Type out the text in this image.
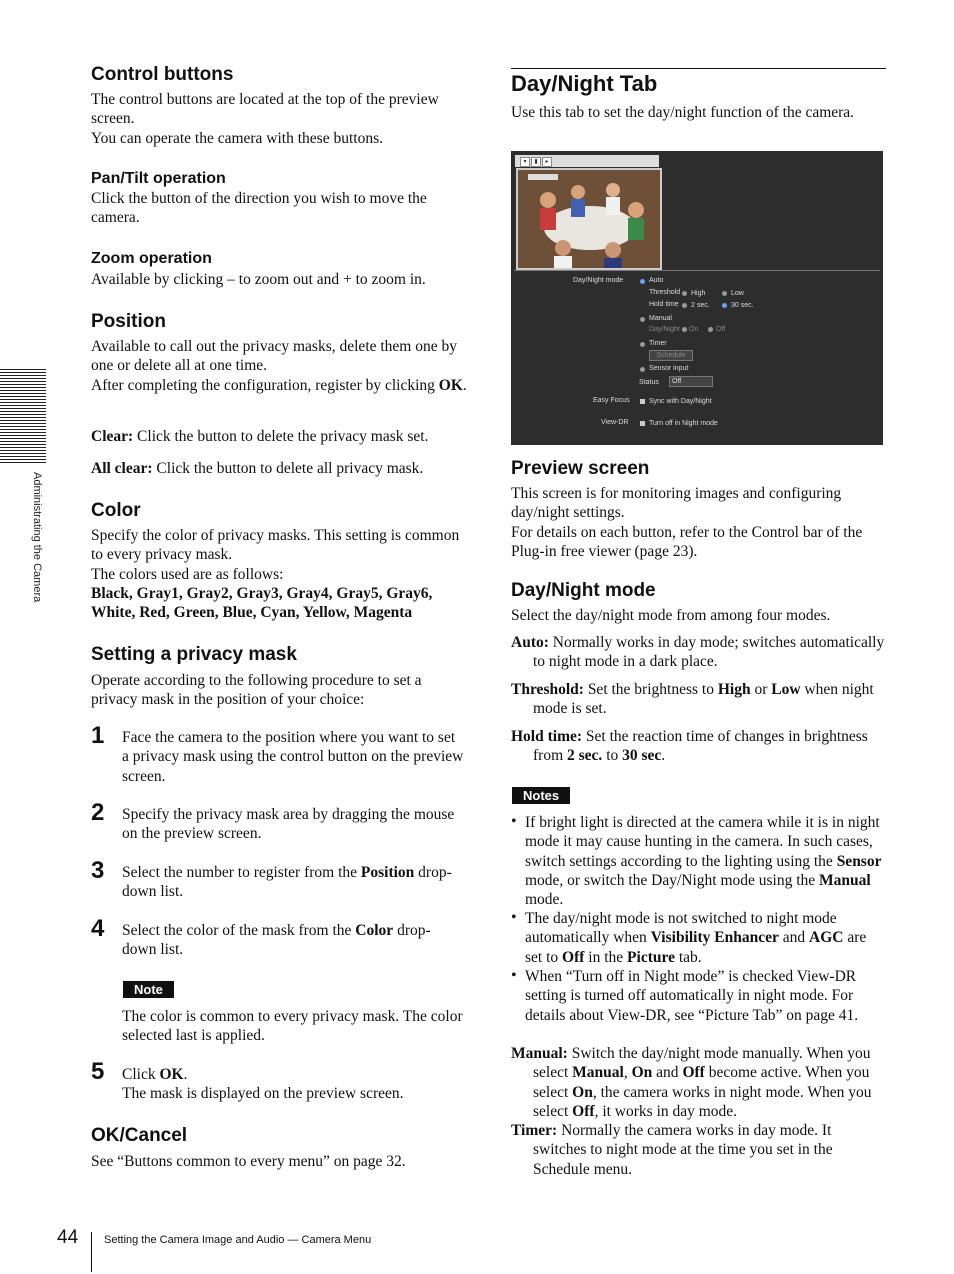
Administrating the Camera
Control buttons

The control buttons are located at the top of the preview screen.
You can operate the camera with these buttons.

Pan/Tilt operation

Click the button of the direction you wish to move the camera.

Zoom operation

Available by clicking – to zoom out and + to zoom in.

Position

Available to call out the privacy masks, delete them one by one or delete all at one time.
After completing the configuration, register by clicking OK.

Clear: Click the button to delete the privacy mask set.

All clear: Click the button to delete all privacy mask.

Color

Specify the color of privacy masks. This setting is common to every privacy mask.
The colors used are as follows:
Black, Gray1, Gray2, Gray3, Gray4, Gray5, Gray6, White, Red, Green, Blue, Cyan, Yellow, Magenta

Setting a privacy mask

Operate according to the following procedure to set a privacy mask in the position of your choice:

1 Face the camera to the position where you want to set a privacy mask using the control button on the preview screen.

2 Specify the privacy mask area by dragging the mouse on the preview screen.

3 Select the number to register from the Position drop-down list.

4 Select the color of the mask from the Color drop-down list.

Note

The color is common to every privacy mask. The color selected last is applied.

5 Click OK.
The mask is displayed on the preview screen.

OK/Cancel

See “Buttons common to every menu” on page 32.

Day/Night Tab

Use this tab to set the day/night function of the camera.

▾	▮	▸
Day/Night mode	Auto
Threshold High	Low
Hold time 2 sec.	30 sec.
Manual
Day/Night On	Off
Timer
Schedule
Sensor input
Status	Off
Easy Focus	Sync with Day/Night
View-DR	Turn off in Night mode
Preview screen

This screen is for monitoring images and configuring day/night settings.
For details on each button, refer to the Control bar of the Plug-in free viewer (page 23).

Day/Night mode

Select the day/night mode from among four modes.

Auto: Normally works in day mode; switches automatically to night mode in a dark place.

Threshold: Set the brightness to High or Low when night mode is set.

Hold time: Set the reaction time of changes in brightness from 2 sec. to 30 sec.

Notes
• If bright light is directed at the camera while it is in night mode it may cause hunting in the camera. In such cases, switch settings according to the lighting using the Sensor mode, or switch the Day/Night mode using the Manual mode.

• The day/night mode is not switched to night mode automatically when Visibility Enhancer and AGC are set to Off in the Picture tab.

• When “Turn off in Night mode” is checked View-DR setting is turned off automatically in night mode. For details about View-DR, see “Picture Tab” on page 41.

Manual: Switch the day/night mode manually. When you select Manual, On and Off become active. When you select On, the camera works in night mode. When you select Off, it works in day mode.

Timer: Normally the camera works in day mode. It switches to night mode at the time you set in the Schedule menu.

44 Setting the Camera Image and Audio — Camera Menu
